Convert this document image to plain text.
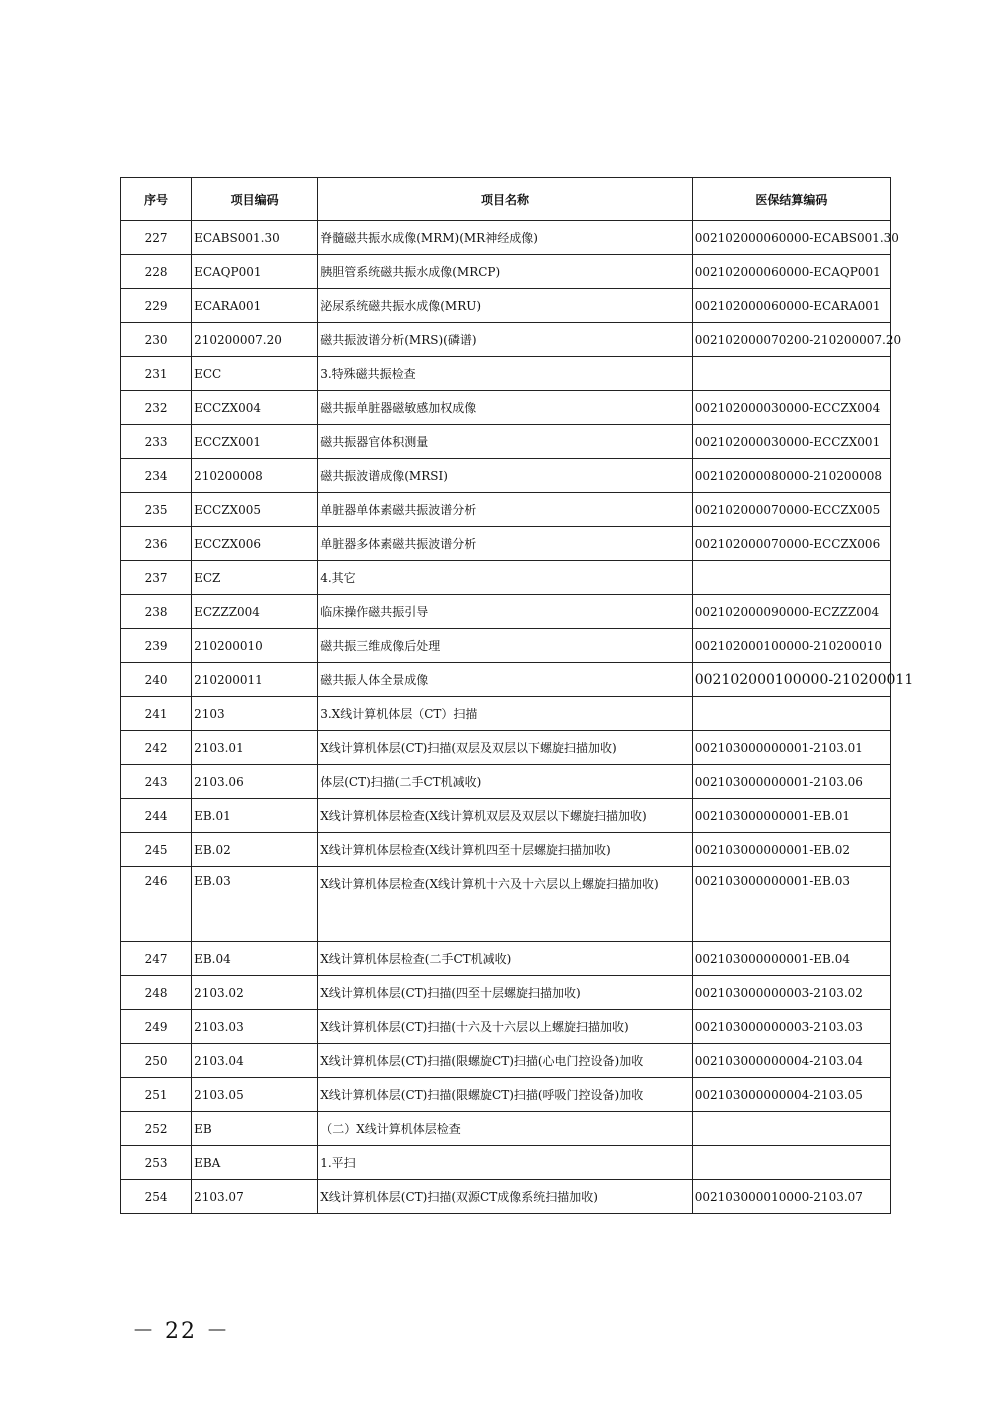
序号	项目编码	项目名称	医保结算编码
227	ECABS001.30	脊髓磁共振水成像(MRM)(MR神经成像)	002102000060000-ECABS001.30
228	ECAQP001	胰胆管系统磁共振水成像(MRCP)	002102000060000-ECAQP001
229	ECARA001	泌尿系统磁共振水成像(MRU)	002102000060000-ECARA001
230	210200007.20	磁共振波谱分析(MRS)(磷谱)	002102000070200-210200007.20
231	ECC	3.特殊磁共振检查	
232	ECCZX004	磁共振单脏器磁敏感加权成像	002102000030000-ECCZX004
233	ECCZX001	磁共振器官体积测量	002102000030000-ECCZX001
234	210200008	磁共振波谱成像(MRSI)	002102000080000-210200008
235	ECCZX005	单脏器单体素磁共振波谱分析	002102000070000-ECCZX005
236	ECCZX006	单脏器多体素磁共振波谱分析	002102000070000-ECCZX006
237	ECZ	4.其它	
238	ECZZZ004	临床操作磁共振引导	002102000090000-ECZZZ004
239	210200010	磁共振三维成像后处理	002102000100000-210200010
240	210200011	磁共振人体全景成像	002102000100000-210200011
241	2103	3.X线计算机体层（CT）扫描	
242	2103.01	X线计算机体层(CT)扫描(双层及双层以下螺旋扫描加收)	002103000000001-2103.01
243	2103.06	体层(CT)扫描(二手CT机减收)	002103000000001-2103.06
244	EB.01	X线计算机体层检查(X线计算机双层及双层以下螺旋扫描加收)	002103000000001-EB.01
245	EB.02	X线计算机体层检查(X线计算机四至十层螺旋扫描加收)	002103000000001-EB.02
246	EB.03	X线计算机体层检查(X线计算机十六及十六层以上螺旋扫描加收)	002103000000001-EB.03
247	EB.04	X线计算机体层检查(二手CT机减收)	002103000000001-EB.04
248	2103.02	X线计算机体层(CT)扫描(四至十层螺旋扫描加收)	002103000000003-2103.02
249	2103.03	X线计算机体层(CT)扫描(十六及十六层以上螺旋扫描加收)	002103000000003-2103.03
250	2103.04	X线计算机体层(CT)扫描(限螺旋CT)扫描(心电门控设备)加收	002103000000004-2103.04
251	2103.05	X线计算机体层(CT)扫描(限螺旋CT)扫描(呼吸门控设备)加收	002103000000004-2103.05
252	EB	（二）X线计算机体层检查	
253	EBA	1.平扫	
254	2103.07	X线计算机体层(CT)扫描(双源CT成像系统扫描加收)	002103000010000-2103.07
－ 22 －
